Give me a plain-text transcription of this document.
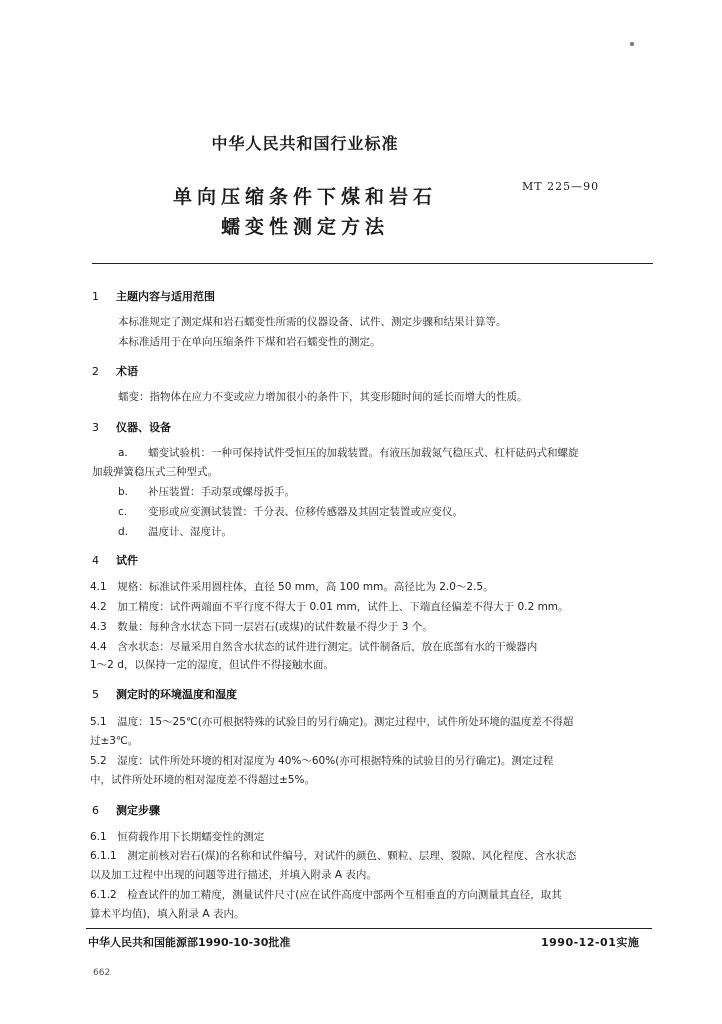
中华人民共和国行业标准
单向压缩条件下煤和岩石
蠕变性测定方法
MT 225—90
1 主题内容与适用范围
本标准规定了测定煤和岩石蠕变性所需的仪器设备、试件、测定步骤和结果计算等。
本标准适用于在单向压缩条件下煤和岩石蠕变性的测定。
2 术语
蠕变：指物体在应力不变或应力增加很小的条件下，其变形随时间的延长而增大的性质。
3 仪器、设备
a. 蠕变试验机：一种可保持试件受恒压的加载装置。有液压加载氮气稳压式、杠杆砝码式和螺旋
加载弹簧稳压式三种型式。
b. 补压装置：手动泵或螺母扳手。
c. 变形或应变测试装置：千分表、位移传感器及其固定装置或应变仪。
d. 温度计、湿度计。
4 试件
4.1　规格：标准试件采用圆柱体，直径 50 mm，高 100 mm。高径比为 2.0～2.5。
4.2　加工精度：试件两端面不平行度不得大于 0.01 mm，试件上、下端直径偏差不得大于 0.2 mm。
4.3　数量：每种含水状态下同一层岩石(或煤)的试件数量不得少于 3 个。
4.4　含水状态：尽量采用自然含水状态的试件进行测定。试件制备后，放在底部有水的干燥器内
1～2 d，以保持一定的湿度，但试件不得接触水面。
5 测定时的环境温度和湿度
5.1　温度：15～25℃(亦可根据特殊的试验目的另行确定)。测定过程中，试件所处环境的温度差不得超
过±3℃。
5.2　湿度：试件所处环境的相对湿度为 40%～60%(亦可根据特殊的试验目的另行确定)。测定过程
中，试件所处环境的相对湿度差不得超过±5%。
6 测定步骤
6.1　恒荷载作用下长期蠕变性的测定
6.1.1　测定前核对岩石(煤)的名称和试件编号，对试件的颜色、颗粒、层理、裂隙、风化程度、含水状态
以及加工过程中出现的问题等进行描述，并填入附录 A 表内。
6.1.2　检查试件的加工精度，测量试件尺寸(应在试件高度中部两个互相垂直的方向测量其直径，取其
算术平均值)，填入附录 A 表内。
中华人民共和国能源部1990-10-30批准	1990-12-01实施
662
